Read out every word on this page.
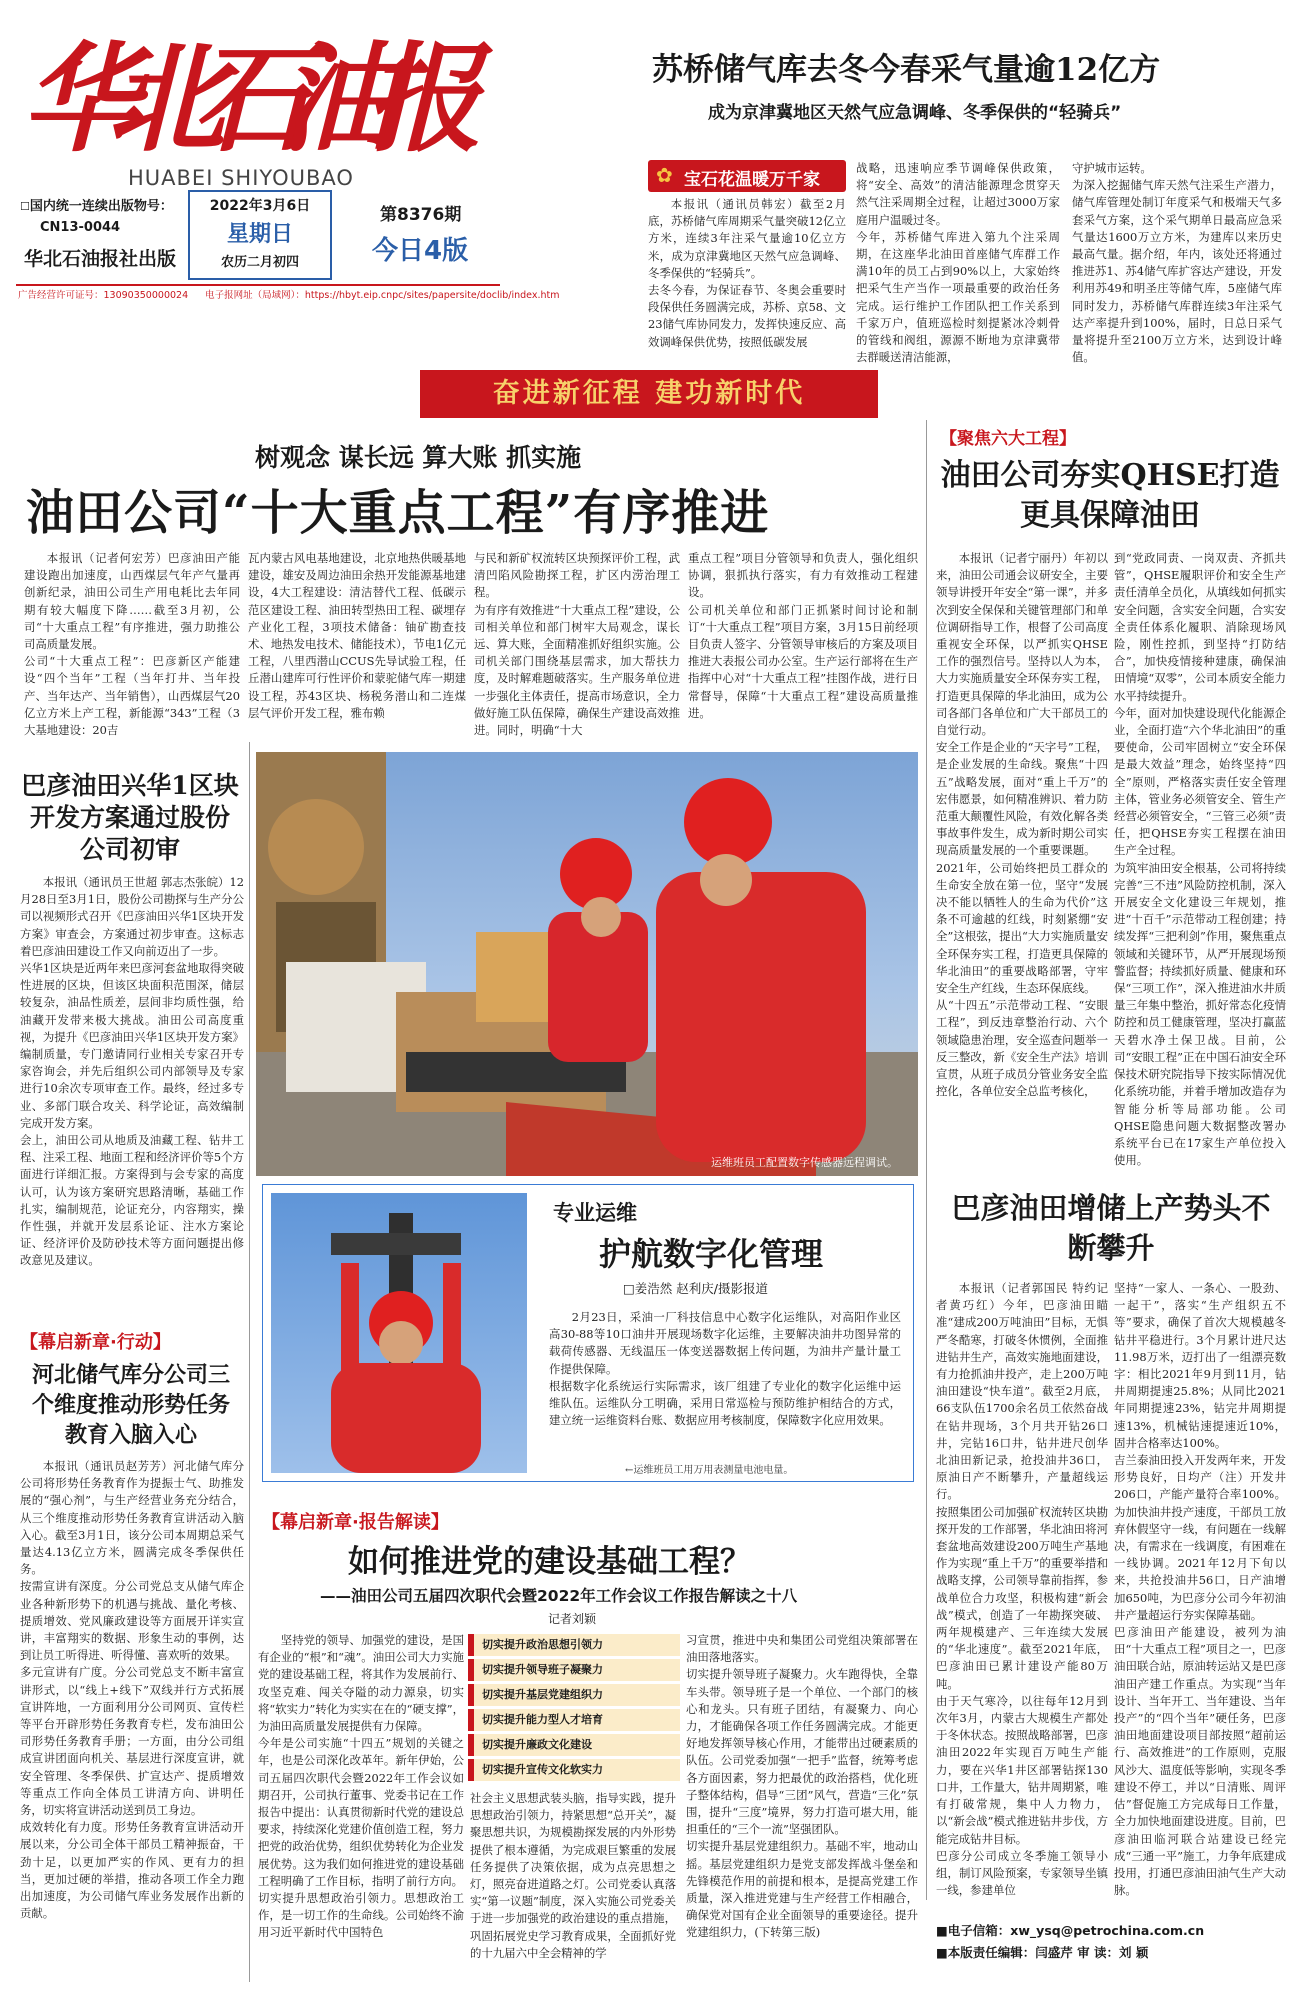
华北石油报
HUABEI SHIYOUBAO
☐国内统一连续出版物号：
CN13-0044
华北石油报社出版
2022年3月6日
星期日
农历二月初四
第8376期
今日4版
广告经营许可证号：13090350000024 电子报网址（局域网）：https://hbyt.eip.cnpc/sites/papersite/doclib/index.htm
苏桥储气库去冬今春采气量逾12亿方
成为京津冀地区天然气应急调峰、冬季保供的“轻骑兵”
✿ 宝石花温暖万千家

本报讯（通讯员韩宏）截至2月底，苏桥储气库周期采气量突破12亿立方米，连续3年注采气量逾10亿立方米，成为京津冀地区天然气应急调峰、冬季保供的“轻骑兵”。
去冬今春，为保证春节、冬奥会重要时段保供任务圆满完成，苏桥、京58、文23储气库协同发力，发挥快速反应、高效调峰保供优势，按照低碳发展

战略，迅速响应季节调峰保供政策，将“安全、高效”的清洁能源理念贯穿天然气注采周期全过程，让超过3000万家庭用户温暖过冬。
今年，苏桥储气库进入第九个注采周期，在这座华北油田首座储气库群工作满10年的员工占到90%以上，大家始终把采气生产当作一项最重要的政治任务完成。运行维护工作团队把工作关系到千家万户，值班巡检时刻提紧冰冷刺骨的管线和阀组，源源不断地为京津冀带去群暖送清洁能源，

守护城市运转。
为深入挖掘储气库天然气注采生产潜力，储气库管理处制订年度采气和极端天气多套采气方案，这个采气期单日最高应急采气量达1600万立方米，为建库以来历史最高气量。据介绍，年内，该处还将通过推进苏1、苏4储气库扩容达产建设，开发利用苏49和明圣庄等储气库，5座储气库同时发力，苏桥储气库群连续3年注采气达产率提升到100%，届时，日总日采气量将提升至2100万立方米，达到设计峰值。

奋进新征程 建功新时代
树观念 谋长远 算大账 抓实施
油田公司“十大重点工程”有序推进

本报讯（记者何宏芳）巴彦油田产能建设跑出加速度，山西煤层气年产气量再创新纪录，油田公司生产用电耗比去年同期有较大幅度下降……截至3月初，公司“十大重点工程”有序推进，强力助推公司高质量发展。
公司“十大重点工程”：巴彦新区产能建设“四个当年”工程（当年打井、当年投产、当年达产、当年销售），山西煤层气20亿立方米上产工程，新能源“343”工程（3大基地建设：20吉

瓦内蒙古风电基地建设，北京地热供暖基地建设，雄安及周边油田余热开发能源基地建设，4大工程建设：清洁替代工程、低碳示范区建设工程、油田转型热田工程、碳埋存产业化工程，3项技术储备：铀矿勘查技术、地热发电技术、储能技术），节电1亿元工程，八里西潜山CCUS先导试验工程，任丘潜山建库可行性评价和蒙驼储气库一期建设工程，苏43区块、杨税务潜山和二连煤层气评价开发工程，雅布赖

与民和新矿权流转区块预探评价工程，武清凹陷风险勘探工程，扩区内涝治理工程。
为有序有效推进“十大重点工程”建设，公司相关单位和部门树牢大局观念，谋长远、算大账，全面精准抓好组织实施。公司机关部门围绕基层需求，加大帮扶力度，及时解难题破落实。生产服务单位进一步强化主体责任，提高市场意识，全力做好施工队伍保障，确保生产建设高效推进。同时，明确“十大

重点工程”项目分管领导和负责人，强化组织协调，狠抓执行落实，有力有效推动工程建设。
公司机关单位和部门正抓紧时间讨论和制订“十大重点工程”项目方案，3月15日前经项目负责人签字、分管领导审核后的方案及项目推进大表报公司办公室。生产运行部将在生产指挥中心对“十大重点工程”挂图作战，进行日常督导，保障“十大重点工程”建设高质量推进。

运维班员工配置数字传感器远程调试。
巴彦油田兴华1区块开发方案通过股份公司初审

本报讯（通讯员王世超 郭志杰张皖）12月28日至3月1日，股份公司勘探与生产分公司以视频形式召开《巴彦油田兴华1区块开发方案》审查会，方案通过初步审查。这标志着巴彦油田建设工作又向前迈出了一步。
兴华1区块是近两年来巴彦河套盆地取得突破性进展的区块，但该区块面积范围深，储层较复杂，油品性质差，层间非均质性强，给油藏开发带来极大挑战。油田公司高度重视，为提升《巴彦油田兴华1区块开发方案》编制质量，专门邀请同行业相关专家召开专家咨询会，并先后组织公司内部领导及专家进行10余次专项审查工作。最终，经过多专业、多部门联合攻关、科学论证，高效编制完成开发方案。
会上，油田公司从地质及油藏工程、钻井工程、注采工程、地面工程和经济评价等5个方面进行详细汇报。方案得到与会专家的高度认可，认为该方案研究思路清晰，基础工作扎实，编制规范，论证充分，内容翔实，操作性强，并就开发层系论证、注水方案论证、经济评价及防砂技术等方面问题提出修改意见及建议。

【幕启新章·行动】
河北储气库分公司三个维度推动形势任务教育入脑入心

本报讯（通讯员赵芳芳）河北储气库分公司将形势任务教育作为提振士气、助推发展的“强心剂”，与生产经营业务充分结合，从三个维度推动形势任务教育宣讲活动入脑入心。截至3月1日，该分公司本周期总采气量达4.13亿立方米，圆满完成冬季保供任务。
按需宣讲有深度。分公司党总支从储气库企业各种新形势下的机遇与挑战、量化考核、提质增效、党风廉政建设等方面展开详实宣讲，丰富翔实的数据、形象生动的事例，达到让员工听得进、听得懂、喜欢听的效果。
多元宣讲有广度。分公司党总支不断丰富宣讲形式，以“线上+线下”双线并行方式拓展宣讲阵地，一方面利用分公司网页、宣传栏等平台开辟形势任务教育专栏，发布油田公司形势任务教育手册；一方面，由分公司组成宣讲团面向机关、基层进行深度宣讲，就安全管理、冬季保供、扩宣达产、提质增效等重点工作向全体员工讲清方向、讲明任务，切实将宣讲活动送到员工身边。
成效转化有力度。形势任务教育宣讲活动开展以来，分公司全体干部员工精神振奋，干劲十足，以更加严实的作风、更有力的担当，更加过硬的举措，推动各项工作全力跑出加速度，为公司储气库业务发展作出新的贡献。

专业运维
护航数字化管理
□姜浩然 赵利庆/摄影报道

2月23日，采油一厂科技信息中心数字化运维队，对高阳作业区高30-88等10口油井开展现场数字化运维，主要解决油井功图异常的载荷传感器、无线温压一体变送器数据上传问题，为油井产量计量工作提供保障。
根据数字化系统运行实际需求，该厂组建了专业化的数字化运维中运维队伍。运维队分工明确，采用日常巡检与预防维护相结合的方式，建立统一运维资料台账、数据应用考核制度，保障数字化应用效果。

←运维班员工用万用表测量电池电量。
【幕启新章·报告解读】
如何推进党的建设基础工程？
——油田公司五届四次职代会暨2022年工作会议工作报告解读之十八
记者刘颖

坚持党的领导、加强党的建设，是国有企业的“根”和“魂”。油田公司大力实施党的建设基础工程，将其作为发展前行、攻坚克难、闯关夺隘的动力源泉，切实将“软实力”转化为实实在在的“硬支撑”，为油田高质量发展提供有力保障。
今年是公司实施“十四五”规划的关键之年，也是公司深化改革年。新年伊始，公司五届四次职代会暨2022年工作会议如期召开，公司执行董事、党委书记在工作报告中提出：认真贯彻新时代党的建设总要求，持续深化党建价值创造工程，努力把党的政治优势，组织优势转化为企业发展优势。这为我们如何推进党的建设基础工程明确了工作目标，指明了前行方向。
切实提升思想政治引领力。思想政治工作，是一切工作的生命线。公司始终不渝用习近平新时代中国特色

切实提升政治思想引领力
切实提升领导班子凝聚力
切实提升基层党建组织力
切实提升能力型人才培育
切实提升廉政文化建设
切实提升宣传文化软实力

社会主义思想武装头脑，指导实践，提升思想政治引领力，持紧思想“总开关”，凝聚思想共识，为规模勘探发展的内外形势提供了根本遵循，为完成艰巨繁重的发展任务提供了决策依据，成为点亮思想之灯，照亮奋进道路之灯。公司党委认真落实“第一议题”制度，深入实施公司党委关于进一步加强党的政治建设的重点措施，巩固拓展党史学习教育成果，全面抓好党的十九届六中全会精神的学

习宣贯，推进中央和集团公司党组决策部署在油田落地落实。
切实提升领导班子凝聚力。火车跑得快，全靠车头带。领导班子是一个单位、一个部门的核心和龙头。只有班子团结，有凝聚力、向心力，才能确保各项工作任务圆满完成。才能更好地发挥领导核心作用，才能带出过硬素质的队伍。公司党委加强“一把手”监督，统筹考虑各方面因素，努力把最优的政治搭档，优化班子整体结构，倡导“三团”风气，营造“三化”氛围，提升“三度”境界，努力打造可堪大用，能担重任的“三个一流”坚强团队。
切实提升基层党建组织力。基础不牢，地动山摇。基层党建组织力是党支部发挥战斗堡垒和先锋模范作用的前提和根本，是提高党建工作质量，深入推进党建与生产经营工作相融合，确保党对国有企业全面领导的重要途径。提升党建组织力，(下转第三版)

【聚焦六大工程】
油田公司夯实QHSE打造更具保障油田

本报讯（记者宁丽丹）年初以来，油田公司通会议研安全，主要领导讲授开年安全“第一课”，并多次到安全保保和关键管理部门和单位调研指导工作，根督了公司高度重视安全环保，以严抓实QHSE工作的强烈信号。坚持以人为本，大力实施质量安全环保夯实工程，打造更具保障的华北油田，成为公司各部门各单位和广大干部员工的自觉行动。
安全工作是企业的“天字号”工程，是企业发展的生命线。聚焦“十四五”战略发展，面对“重上千万”的宏伟愿景，如何精准辨识、着力防范重大颠覆性风险，有效化解各类事故事件发生，成为新时期公司实现高质量发展的一个重要课题。
2021年，公司始终把员工群众的生命安全放在第一位，坚守“发展决不能以牺牲人的生命为代价”这条不可逾越的红线，时刻紧绷“安全”这根弦，提出“大力实施质量安全环保夯实工程，打造更具保障的华北油田”的重要战略部署，守牢安全生产红线，生态环保底线。
从“十四五”示范带动工程、“安眼工程”，到反违章整治行动、六个领域隐患治理，安全巡查问题举一反三整改，新《安全生产法》培训宣贯，从班子成员分管业务安全监控化，各单位安全总监考核化，

到“党政同责、一岗双责、齐抓共管”，QHSE履职评价和安全生产责任清单全员化，从填线如何抓实安全问题，含实安全问题，合实安全责任体系化履职、消除现场风险，刚性控抓，到坚持“打防结合”，加快疫情接种建康，确保油田情境“双零”，公司本质安全能力水平持续提升。
今年，面对加快建设现代化能源企业，全面打造“六个华北油田”的重要使命，公司牢固树立“安全环保是最大效益”理念，始终坚持“四全”原则，严格落实责任安全管理主体，管业务必须管安全、管生产经营必须管安全，“三管三必须”责任，把QHSE夯实工程摆在油田生产全过程。
为筑牢油田安全根基，公司将持续完善“三不违”风险防控机制，深入开展安全文化建设三年规划，推进“十百千”示范带动工程创建；持续发挥“三把利剑”作用，聚焦重点领域和关键环节，从严开展现场预警监督；持续抓好质量、健康和环保“三项工作”，深入推进油水井质量三年集中整治，抓好常态化疫情防控和员工健康管理，坚决打赢蓝天碧水净土保卫战。目前，公司“安眼工程”正在中国石油安全环保技术研究院指导下按实际情况优化系统功能，并着手增加改造存为智能分析等局部功能。公司QHSE隐患问题大数据整改署办系统平台已在17家生产单位投入使用。

巴彦油田增储上产势头不断攀升

本报讯（记者郭国民 特约记者黄巧红）今年，巴彦油田瞄准“建成200万吨油田”目标，无惧严冬酷寒，打破冬休惯例，全面推进钻井生产，高效实施地面建设，有力抢抓油井投产，走上200万吨油田建设“快车道”。截至2月底，66支队伍1700余名员工依然奋战在钻井现场，3个月共开钻26口井，完钻16口井，钻井进尺创华北油田新记录，抢投油井36口，原油日产不断攀升，产量超线运行。
按照集团公司加强矿权流转区块勘探开发的工作部署，华北油田将河套盆地高效建设200万吨生产基地作为实现“重上千万”的重要举措和战略支撑，公司领导靠前指挥，参战单位合力攻坚，积极构建“新会战”模式，创造了一年勘探突破、两年规模建产、三年连续大发展的“华北速度”。截至2021年底，巴彦油田已累计建设产能80万吨。
由于天气寒冷，以往每年12月到次年3月，内蒙古大规模生产都处于冬休状态。按照战略部署，巴彦油田2022年实现百万吨生产能力，要在兴华1井区部署钻探130口井，工作量大，钻井周期紧，唯有打破常规，集中人力物力，以“新会战”模式推进钻井步伐，方能完成钻井目标。
巴彦分公司成立冬季施工领导小组，制订风险预案，专家领导坐镇一线，参建单位

坚持“一家人、一条心、一股劲、一起干”，落实“生产组织五不等”要求，确保了首次大规模越冬钻井平稳进行。3个月累计进尺达11.98万米，迈打出了一组漂亮数字：相比2021年9月到11月，钻井周期提速25.8%；从同比2021年同期提速23%，钻完井周期提速13%，机械钻速提速近10%，固井合格率达100%。
吉兰泰油田投入开发两年来，开发形势良好，日均产（注）开发井206口，产能产量符合率100%。为加快油井投产速度，干部员工放弃休假坚守一线，有问题在一线解决，有需求在一线调度，有困难在一线协调。2021年12月下旬以来，共抢投油井56口，日产油增加650吨，为巴彦分公司今年初油井产量超运行夯实保障基础。
巴彦油田产能建设，被列为油田“十大重点工程”项目之一，巴彦油田联合站，原油转运站又是巴彦油田产建工作重点。为实现“当年设计、当年开工、当年建设、当年投产”的“四个当年”硬任务，巴彦油田地面建设项目部按照“超前运行、高效推进”的工作原则，克服风沙大、温度低等影响，实现冬季建设不停工，并以“日清账、周评估”督促施工方完成每日工作量，全力加快地面建设进度。目前，巴彦油田临河联合站建设已经完成“三通一平”施工，力争年底建成投用，打通巴彦油田油气生产大动脉。

■电子信箱：xw_ysq@petrochina.com.cn
■本版责任编辑：闫盛芹 审 读：刘 颖
